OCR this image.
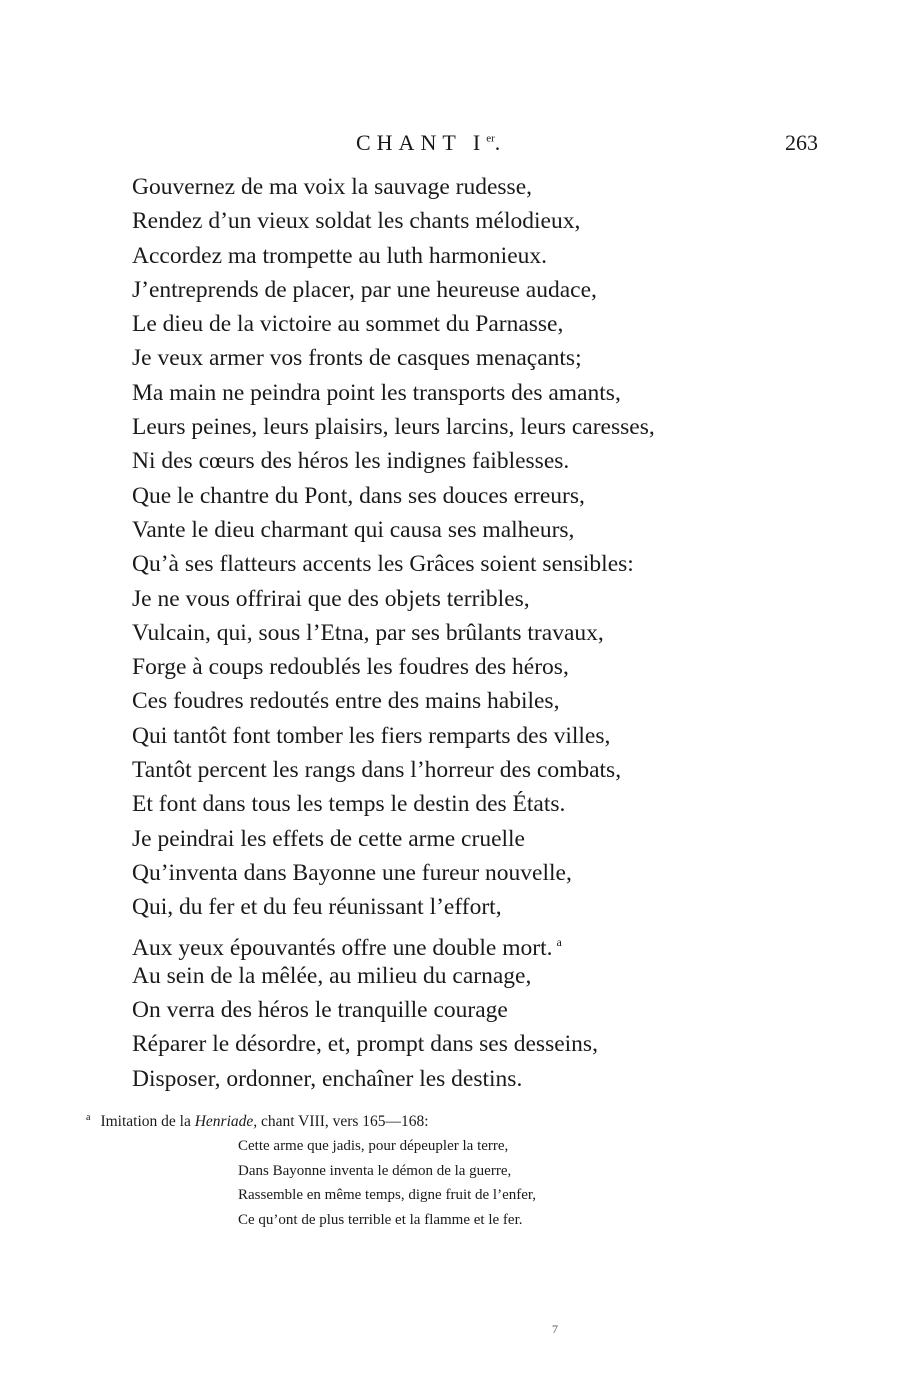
CHANT Ier.	263
Gouvernez de ma voix la sauvage rudesse,
Rendez d’un vieux soldat les chants mélodieux,
Accordez ma trompette au luth harmonieux.
J’entreprends de placer, par une heureuse audace,
Le dieu de la victoire au sommet du Parnasse,
Je veux armer vos fronts de casques menaçants;
Ma main ne peindra point les transports des amants,
Leurs peines, leurs plaisirs, leurs larcins, leurs caresses,
Ni des cœurs des héros les indignes faiblesses.
Que le chantre du Pont, dans ses douces erreurs,
Vante le dieu charmant qui causa ses malheurs,
Qu’à ses flatteurs accents les Grâces soient sensibles:
Je ne vous offrirai que des objets terribles,
Vulcain, qui, sous l’Etna, par ses brûlants travaux,
Forge à coups redoublés les foudres des héros,
Ces foudres redoutés entre des mains habiles,
Qui tantôt font tomber les fiers remparts des villes,
Tantôt percent les rangs dans l’horreur des combats,
Et font dans tous les temps le destin des États.
Je peindrai les effets de cette arme cruelle
Qu’inventa dans Bayonne une fureur nouvelle,
Qui, du fer et du feu réunissant l’effort,
Aux yeux épouvantés offre une double mort. $^a$
Au sein de la mêlée, au milieu du carnage,
On verra des héros le tranquille courage
Réparer le désordre, et, prompt dans ses desseins,
Disposer, ordonner, enchaîner les destins.
$^a$ Imitation de la Henriade, chant VIII, vers 165—168:
Cette arme que jadis, pour dépeupler la terre,
Dans Bayonne inventa le démon de la guerre,
Rassemble en même temps, digne fruit de l’enfer,
Ce qu’ont de plus terrible et la flamme et le fer.
7
